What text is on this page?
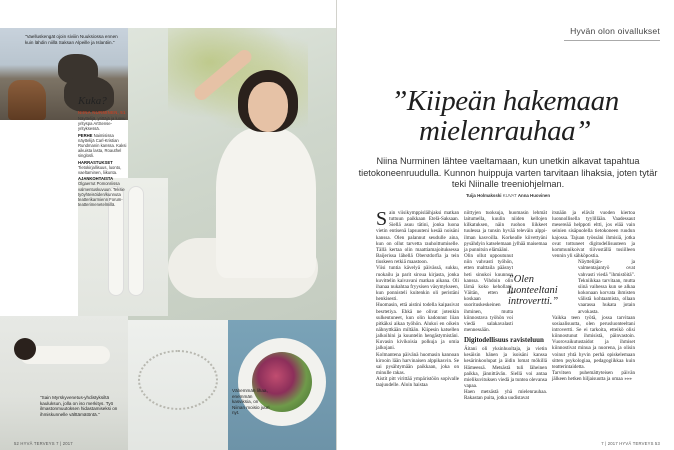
"Vaelluskengät ojoin siviiin Nuuksiossa ennen kuin lähdin niillä Saksan Alpeille ja Islantiin."
Kuka?
NIINA NURMINEN, 51
Näyttelijä, yrittäjä ja luovu yrityspa ArtSense-yrityksessä.
PERHE Naimisissa näyttelijä Carl-Kristian Rundmanin kanssa. Kaksi aikuista lasta, Roauthel singlosli.
HARRASTUKSET Tietokirjallisuus, luonto, vaeltaminen, liikunta.
AJANKOHTAISTA Olgaerrut Pomonriissa valmentuskuvuun. Teksie työyhteisöiden/kunnuta teatterikarmienn Forum-teatterimenetelmillä.
"Sain Myrskyvenetus-yhdistyksiltä kauluksun, jolla on iso merkitys. Työ ilmastonmuutoksen hidastamiseksi on ihmiskunnelle välttämätöntä."
Vähemmän lihaa, enemmän kasviksia, on Niinan moisio juuri nyt.
52 HYVÄ TERVEYS 7 | 2017
Hyvän olon oivallukset
”Kiipeän hakemaan mielenrauhaa”
Niina Nurminen lähtee vaeltamaan, kun unetkin alkavat tapahtua tietokoneenruudulla. Kunnon huippuja varten tarvitaan lihaksia, joten tytär teki Niinalle treeniohjelman.
Tuija Holmaksski KUVAT Anna Huovinen

Sain viisikymppisläihjaksi matkan tuttuun paikkaan Etelä-Saksaan. Siellä asuu tätini, jonka luona vietin entisenä lapsuuteni kesää noisäni kanssa. Olen palannut seudulle aina, kun on ollut tarvetta rauhoittumiselle. Tällä kertaa olin maattiamajoituksessa Baijerissa lähellä Oberstdorfia ja tein tiuskeen retkiä maastoon.

Viisi tuntia kävelyä päivässä, sukku, ruokailu ja parit siroua kirjasta, jonka kuvittelin kaivavani matkan aikana. Oli ihanaa nukahtaa fryysisen väsymykseen, kun ponnisteli kuitenkin oli peristäni henkisesti.

Huomasin, että aistini todella kaipasivat besrtetiya. Ehkä ne olivat jotenkin sulkeutuneet, kun olin kadonnut liian pitkäksi aikaa työhön. Alukoi en oikein nähnyttkään miltään. Kiipesin katsellen jalkoihini ja kuuntelin hengästymistäni. Kuvasin kivikoisia polkuja ja omia jalkojani.

Kolmantena päivänä huomasin kannoan kirooin lään harvinaisen alppikasvin. Se sai pysähtymään paikkaan, joka on minulle rakas.

Aistit pitt virittää ympäristöön sopivalle taajuudelle. Aloin haistaa

niittyjen tuoksuja, huomasin lehmät laitumella, kuulin niiden kellojen kilkatuksen, näin ruohon liikkeet tuulessa ja tunsin hyvää televäin alppi-ilman kasvoilla. Korkealle kiivettyäni pysähdyin katselemaan jylhää maisemaa ja punnitsin elämääni.

Olin ollut uppoutunut niin vahvasti työhön, etten malttaila pääsnyt heti sinukoi kuunnon kanssa. Vihdoin olin lärnä koko kehollani. Väitän, etten ole koskaan suorituskeskeinen ihminen, mutta kiinnostava työhön voi viedä salakavalasti mennessään.

Digitodellisuus ravisteluun

Äitani oli yksinhuoltaja, ja vietin kesäisin hänen ja isoisäni kanssa kesärinkoolupat ja äidin lomat mökillä Hämeessä. Metsästä tuli läheinen paikka, jännittävän. Siellä voi antaa mielikuvituksen viedä ja tuntea olevansa vapaa.

Haen metsästä yhä mielenrauhaa. Rakastan puita, jotka uudistavat

”Olen luonteeltani introvertti.”

itsnään ja elävät vuoden kiertoa luonnollisella tyylillään. Vaadessaut mesereää helppoti eltti, jos elää vain seinien sisäpuolella tietokoneen ruudun kajossa. Tajuan työssäni ihmisiä, jotka ovat tottuneet digitodellisuuteen ja kommunikoivat tiiivoställä tosiilleen vennin yli sähköpostia.

Näyttelijän- ja valmentajantyö ovat vahvasti viedä "ihmistöitä". Tekniikkaa tarvitaan, mutta siinä vaihessa kun se alkaa kokonaan korvata ihmisten välistä kohtaamista, ollaan vaarassa hukata jotain arvokasta.

Vaikka teen työtä, jossa tarvitaan sosiaalisuutta, olen perusluonteeltani introvertti. Se ei tarkoita, etteikö olisi kiinnostunut ihmisistä, päinvastoin. Vuorovaikutustaidot ja ihmiset kiinnostivat minua ja nuorena, ja olisin voinut yhtä hyvin perhä opiskelemaan sitten psykologiaa, pedagogiikkaa kuin teatterintaidetta.

Tarvitsen puhemättyteisen päivän jälkeen hetken hiljaisuutta ja omaa ▸▸▸

7 | 2017 HYVÄ TERVEYS 53
